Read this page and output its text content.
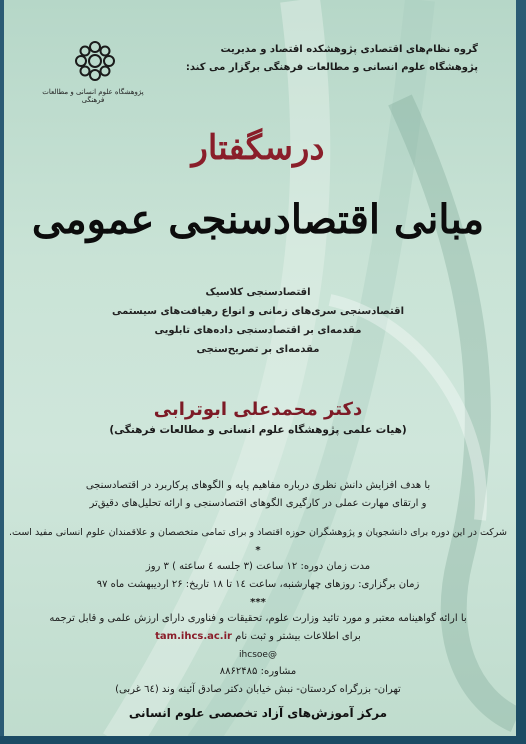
پژوهشگاه علوم انسانی و مطالعات فرهنگی
گروه نظام‌های اقتصادی پژوهشکده اقتصاد و مدیریت
پژوهشگاه علوم انسانی و مطالعات فرهنگی برگزار می کند:
درسگفتار
مبانی اقتصادسنجی عمومی
اقتصادسنجی کلاسیک
اقتصادسنجی سری‌های زمانی و انواع رهیافت‌های سیستمی
مقدمه‌ای بر اقتصادسنجی داده‌های تابلویی
مقدمه‌ای بر تصریح‌سنجی
دکتر محمدعلی ابوترابی
(هیات علمی پژوهشگاه علوم انسانی و مطالعات فرهنگی)
با هدف افزایش دانش نظری درباره مفاهیم پایه و الگوهای پرکاربرد در اقتصادسنجی
و ارتقای مهارت عملی در کارگیری الگوهای اقتصادسنجی و ارائه تحلیل‌های دقیق‌تر
شرکت در این دوره برای دانشجویان و پژوهشگران حوزه اقتصاد و برای تمامی متخصصان و علاقمندان علوم انسانی مفید است.
*
مدت زمان دوره: ۱۲ ساعت (۳ جلسه ٤ ساعته ) ۳ روز
زمان برگزاری: روزهای چهارشنبه، ساعت ١٤ تا ١٨ تاریخ: ۲۶ اردیبهشت ماه ۹۷
***
با ارائه گواهینامه معتبر و مورد تائید وزارت علوم، تحقیقات و فناوری دارای ارزش علمی و قابل ترجمه
برای اطلاعات بیشتر و ثبت نام tam.ihcs.ac.ir
@ihcsoe
مشاوره: ۸۸۶۲۴۸۵
تهران- بزرگراه کردستان- نبش خیابان دکتر صادق آئینه وند (٦٤ غربی)
مرکز آموزش‌های آزاد تخصصی علوم انسانی
